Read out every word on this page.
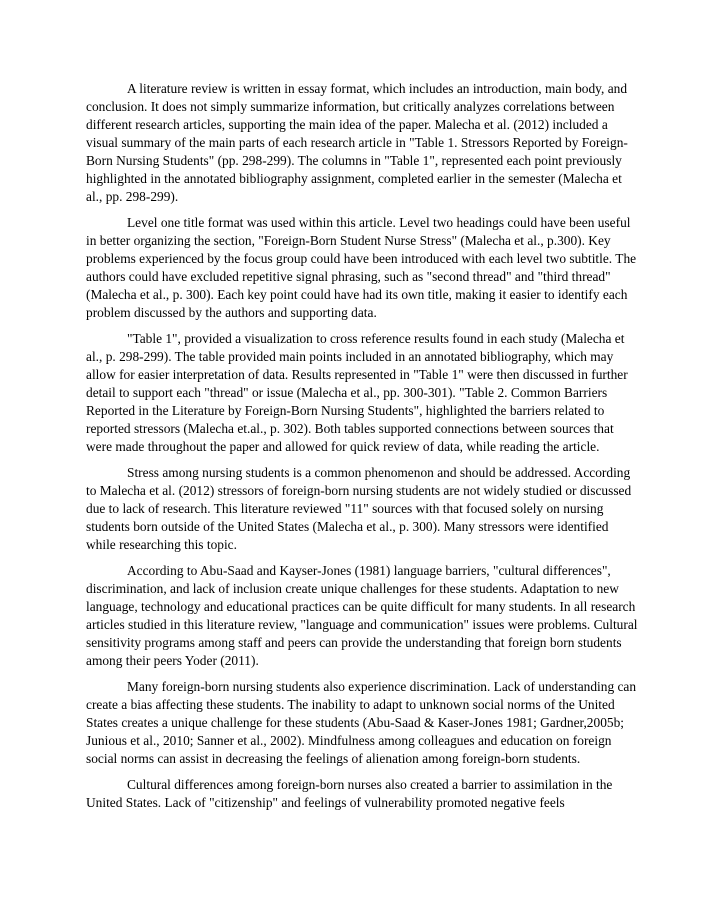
A literature review is written in essay format, which includes an introduction, main body, and conclusion. It does not simply summarize information, but critically analyzes correlations between different research articles, supporting the main idea of the paper. Malecha et al. (2012) included a visual summary of the main parts of each research article in "Table 1. Stressors Reported by Foreign-Born Nursing Students" (pp. 298-299). The columns in "Table 1", represented each point previously highlighted in the annotated bibliography assignment, completed earlier in the semester (Malecha et al., pp. 298-299).

Level one title format was used within this article. Level two headings could have been useful in better organizing the section, "Foreign-Born Student Nurse Stress" (Malecha et al., p.300). Key problems experienced by the focus group could have been introduced with each level two subtitle. The authors could have excluded repetitive signal phrasing, such as "second thread" and "third thread" (Malecha et al., p. 300). Each key point could have had its own title, making it easier to identify each problem discussed by the authors and supporting data.

"Table 1", provided a visualization to cross reference results found in each study (Malecha et al., p. 298-299). The table provided main points included in an annotated bibliography, which may allow for easier interpretation of data. Results represented in "Table 1" were then discussed in further detail to support each "thread" or issue (Malecha et al., pp. 300-301). "Table 2. Common Barriers Reported in the Literature by Foreign-Born Nursing Students", highlighted the barriers related to reported stressors (Malecha et.al., p. 302). Both tables supported connections between sources that were made throughout the paper and allowed for quick review of data, while reading the article.

Stress among nursing students is a common phenomenon and should be addressed. According to Malecha et al. (2012) stressors of foreign-born nursing students are not widely studied or discussed due to lack of research. This literature reviewed "11" sources with that focused solely on nursing students born outside of the United States (Malecha et al., p. 300). Many stressors were identified while researching this topic.

According to Abu-Saad and Kayser-Jones (1981) language barriers, "cultural differences", discrimination, and lack of inclusion create unique challenges for these students. Adaptation to new language, technology and educational practices can be quite difficult for many students. In all research articles studied in this literature review, "language and communication" issues were problems. Cultural sensitivity programs among staff and peers can provide the understanding that foreign born students among their peers Yoder (2011).

Many foreign-born nursing students also experience discrimination. Lack of understanding can create a bias affecting these students. The inability to adapt to unknown social norms of the United States creates a unique challenge for these students (Abu-Saad & Kaser-Jones 1981; Gardner,2005b; Junious et al., 2010; Sanner et al., 2002). Mindfulness among colleagues and education on foreign social norms can assist in decreasing the feelings of alienation among foreign-born students.

Cultural differences among foreign-born nurses also created a barrier to assimilation in the United States. Lack of "citizenship" and feelings of vulnerability promoted negative feels
